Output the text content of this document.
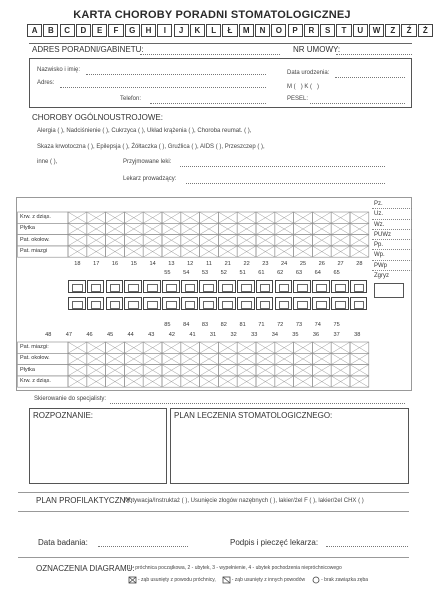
KARTA CHOROBY PORADNI STOMATOLOGICZNEJ
A	B	C	D	E	F	G	H	I	J	K	L	Ł	M	N	O	P	R	S	T	U	W	Z	Ź	Ż
ADRES PORADNI/GABINETU:	NR UMOWY:
Nazwisko i imię:
Adres:
Telefon:
Data urodzenia:
M ( ) K ( )
PESEL:
CHOROBY OGÓLNOUSTROJOWE:
Alergia ( ), Nadciśnienie ( ), Cukrzyca ( ), Układ krążenia ( ), Choroba reumat. ( ),
Skaza krwotoczna ( ), Epilepsja ( ), Żółtaczka ( ), Gruźlica ( ), AIDS ( ), Przeszczep ( ),
inne ( ),	Przyjmowane leki:
Lekarz prowadzący:
Krw. z dziąs.
Płytka
Pat. okołow.
Pat. miazgi
18	17	16	15	14	13	12	11	21	22	23	24	25	26	27	28
55	54	53	52	51	61	62	63	64	65
85	84	83	82	81	71	72	73	74	75
48	47	46	45	44	43	42	41	31	32	33	34	35	36	37	38
Pat. miazgi:
Pat. okołow.
Płytka
Krw. z dziąs.
Pz.
Uz.
Wz.
PUWz
Pp.
Wp.
PWp
Zgryz
Skierowanie do specjalisty:
ROZPOZNANIE:	PLAN LECZENIA STOMATOLOGICZNEGO:
PLAN PROFILAKTYCZNY:
Motywacja/Instruktaż ( ), Usunięcie złogów nazębnych ( ), lakier/żel F ( ), lakier/żel CHX ( )
Data badania:	Podpis i pieczęć lekarza:
OZNACZENIA DIAGRAMU:
1 - próchnica początkowa, 2 - ubytek, 3 - wypełnienie, 4 - ubytek pochodzenia niepróchnicowego
- ząb usunięty z powodu próchnicy,	- ząb usunięty z innych powodów	- brak zawiązka zęba
